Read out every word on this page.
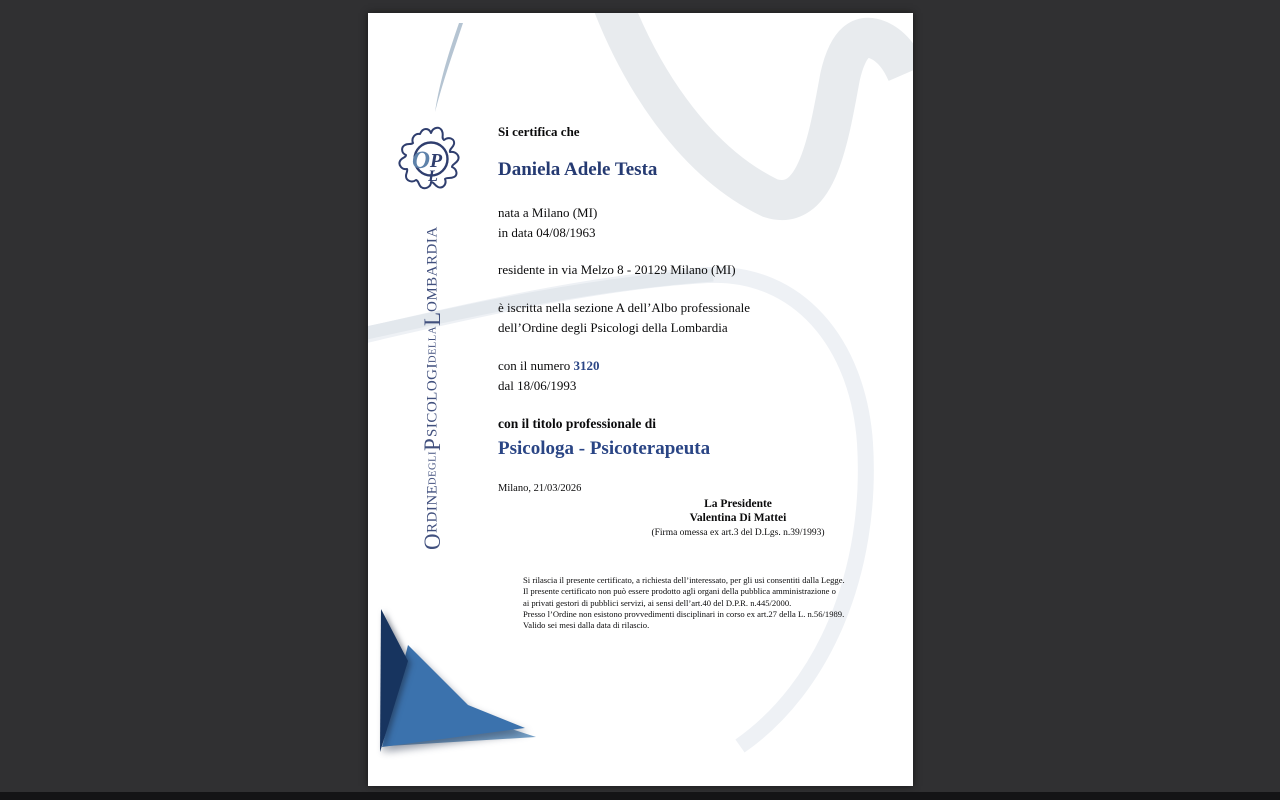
O P
L
O
RDINE
DEGLI
P
SICOLOGI
DELLA
L
OMBARDIA
Si certifica che
Daniela Adele Testa
nata a Milano (MI)
in data 04/08/1963
residente in via Melzo 8 - 20129 Milano (MI)
è iscritta nella sezione A dell’Albo professionale
dell’Ordine degli Psicologi della Lombardia
con il numero 3120
dal 18/06/1993
con il titolo professionale di
Psicologa - Psicoterapeuta
Milano, 21/03/2026
La Presidente
Valentina Di Mattei
(Firma omessa ex art.3 del D.Lgs. n.39/1993)
Si rilascia il presente certificato, a richiesta dell’interessato, per gli usi consentiti dalla Legge.
Il presente certificato non può essere prodotto agli organi della pubblica amministrazione o
ai privati gestori di pubblici servizi, ai sensi dell’art.40 del D.P.R. n.445/2000.
Presso l’Ordine non esistono provvedimenti disciplinari in corso ex art.27 della L. n.56/1989.
Valido sei mesi dalla data di rilascio.
